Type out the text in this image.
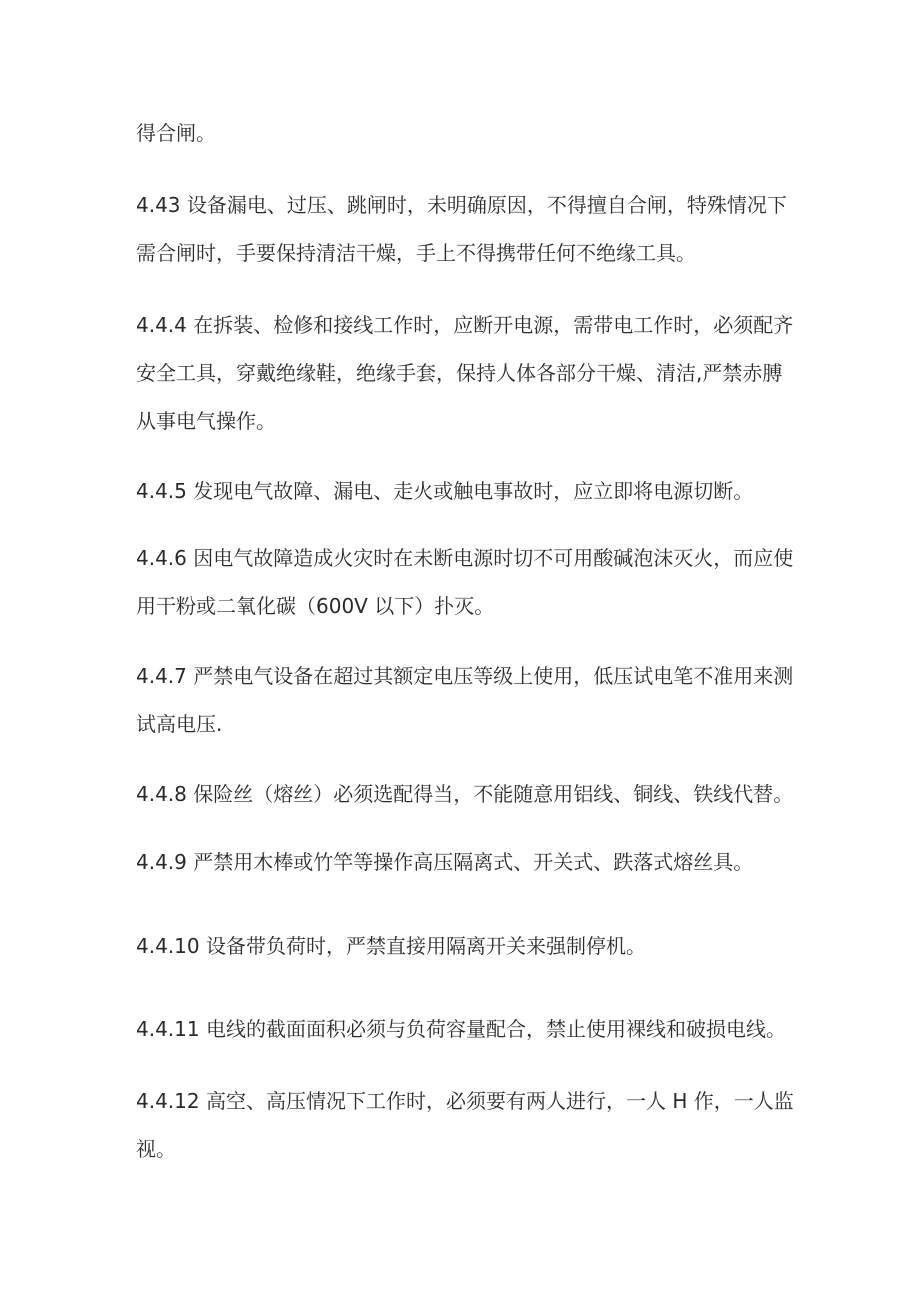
得合闸。

4.43 设备漏电、过压、跳闸时，未明确原因，不得擅自合闸，特殊情况下
需合闸时，手要保持清洁干燥，手上不得携带任何不绝缘工具。

4.4.4 在拆装、检修和接线工作时，应断开电源，需带电工作时，必须配齐
安全工具，穿戴绝缘鞋，绝缘手套，保持人体各部分干燥、清洁,严禁赤膊
从事电气操作。

4.4.5 发现电气故障、漏电、走火或触电事故时，应立即将电源切断。

4.4.6 因电气故障造成火灾时在未断电源时切不可用酸碱泡沫灭火，而应使
用干粉或二氧化碳（600V 以下）扑灭。

4.4.7 严禁电气设备在超过其额定电压等级上使用，低压试电笔不准用来测
试高电压.

4.4.8 保险丝（熔丝）必须选配得当，不能随意用铝线、铜线、铁线代替。

4.4.9 严禁用木棒或竹竿等操作高压隔离式、开关式、跌落式熔丝具。

4.4.10 设备带负荷时，严禁直接用隔离开关来强制停机。

4.4.11 电线的截面面积必须与负荷容量配合，禁止使用裸线和破损电线。

4.4.12 高空、高压情况下工作时，必须要有两人进行，一人 H 作，一人监
视。
